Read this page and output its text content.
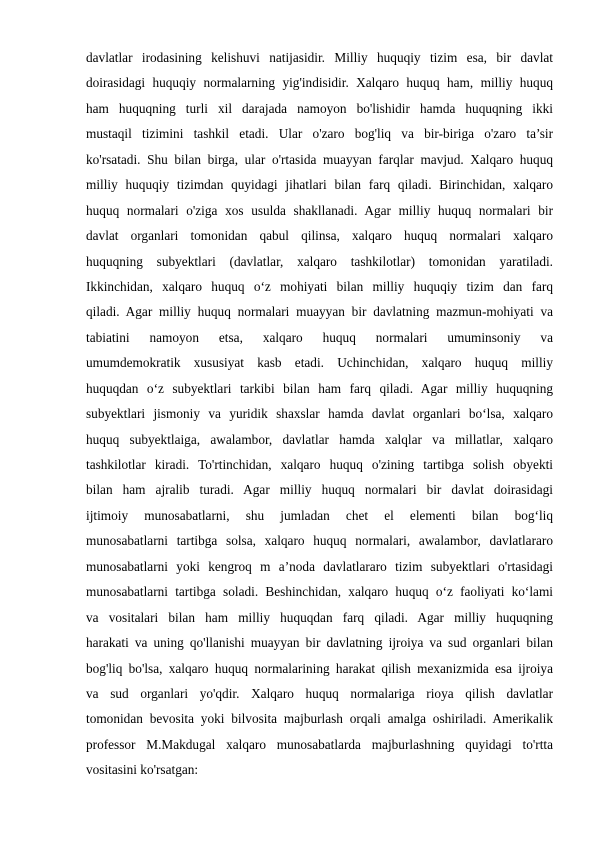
davlatlar irodasining kelishuvi natijasidir. Milliy huquqiy tizim esa, bir davlat
doirasidagi huquqiy normalarning yig'indisidir. Xalqaro huquq ham, milliy huquq
ham huquqning turli xil darajada namoyon bo'lishidir hamda huquqning ikki
mustaqil tizimini tashkil etadi. Ular o'zaro bog'liq va bir-biriga o'zaro ta’sir
ko'rsatadi. Shu bilan birga, ular o'rtasida muayyan farqlar mavjud. Xalqaro huquq
milliy huquqiy tizimdan quyidagi jihatlari bilan farq qiladi. Birinchidan, xalqaro
huquq normalari o'ziga xos usulda shakllanadi. Agar milliy huquq normalari bir
davlat organlari tomonidan qabul qilinsa, xalqaro huquq normalari xalqaro
huquqning subyektlari (davlatlar, xalqaro tashkilotlar) tomonidan yaratiladi.
Ikkinchidan, xalqaro huquq o‘z mohiyati bilan milliy huquqiy tizim dan farq
qiladi. Agar milliy huquq normalari muayyan bir davlatning mazmun-mohiyati va
tabiatini namoyon etsa, xalqaro huquq normalari umuminsoniy va
umumdemokratik xususiyat kasb etadi. Uchinchidan, xalqaro huquq milliy
huquqdan o‘z subyektlari tarkibi bilan ham farq qiladi. Agar milliy huquqning
subyektlari jismoniy va yuridik shaxslar hamda davlat organlari bo‘lsa, xalqaro
huquq subyektlaiga, awalambor, davlatlar hamda xalqlar va millatlar, xalqaro
tashkilotlar kiradi. To'rtinchidan, xalqaro huquq o'zining tartibga solish obyekti
bilan ham ajralib turadi. Agar milliy huquq normalari bir davlat doirasidagi
ijtimoiy munosabatlarni, shu jumladan chet el elementi bilan bog‘liq
munosabatlarni tartibga solsa, xalqaro huquq normalari, awalambor, davlatlararo
munosabatlarni yoki kengroq m a’noda davlatlararo tizim subyektlari o'rtasidagi
munosabatlarni tartibga soladi. Beshinchidan, xalqaro huquq o‘z faoliyati ko‘lami
va vositalari bilan ham milliy huquqdan farq qiladi. Agar milliy huquqning
harakati va uning qo'llanishi muayyan bir davlatning ijroiya va sud organlari bilan
bog'liq bo'lsa, xalqaro huquq normalarining harakat qilish mexanizmida esa ijroiya
va sud organlari yo'qdir. Xalqaro huquq normalariga rioya qilish davlatlar
tomonidan bevosita yoki bilvosita majburlash orqali amalga oshiriladi. Amerikalik
professor M.Makdugal xalqaro munosabatlarda majburlashning quyidagi to'rtta
vositasini ko'rsatgan:
